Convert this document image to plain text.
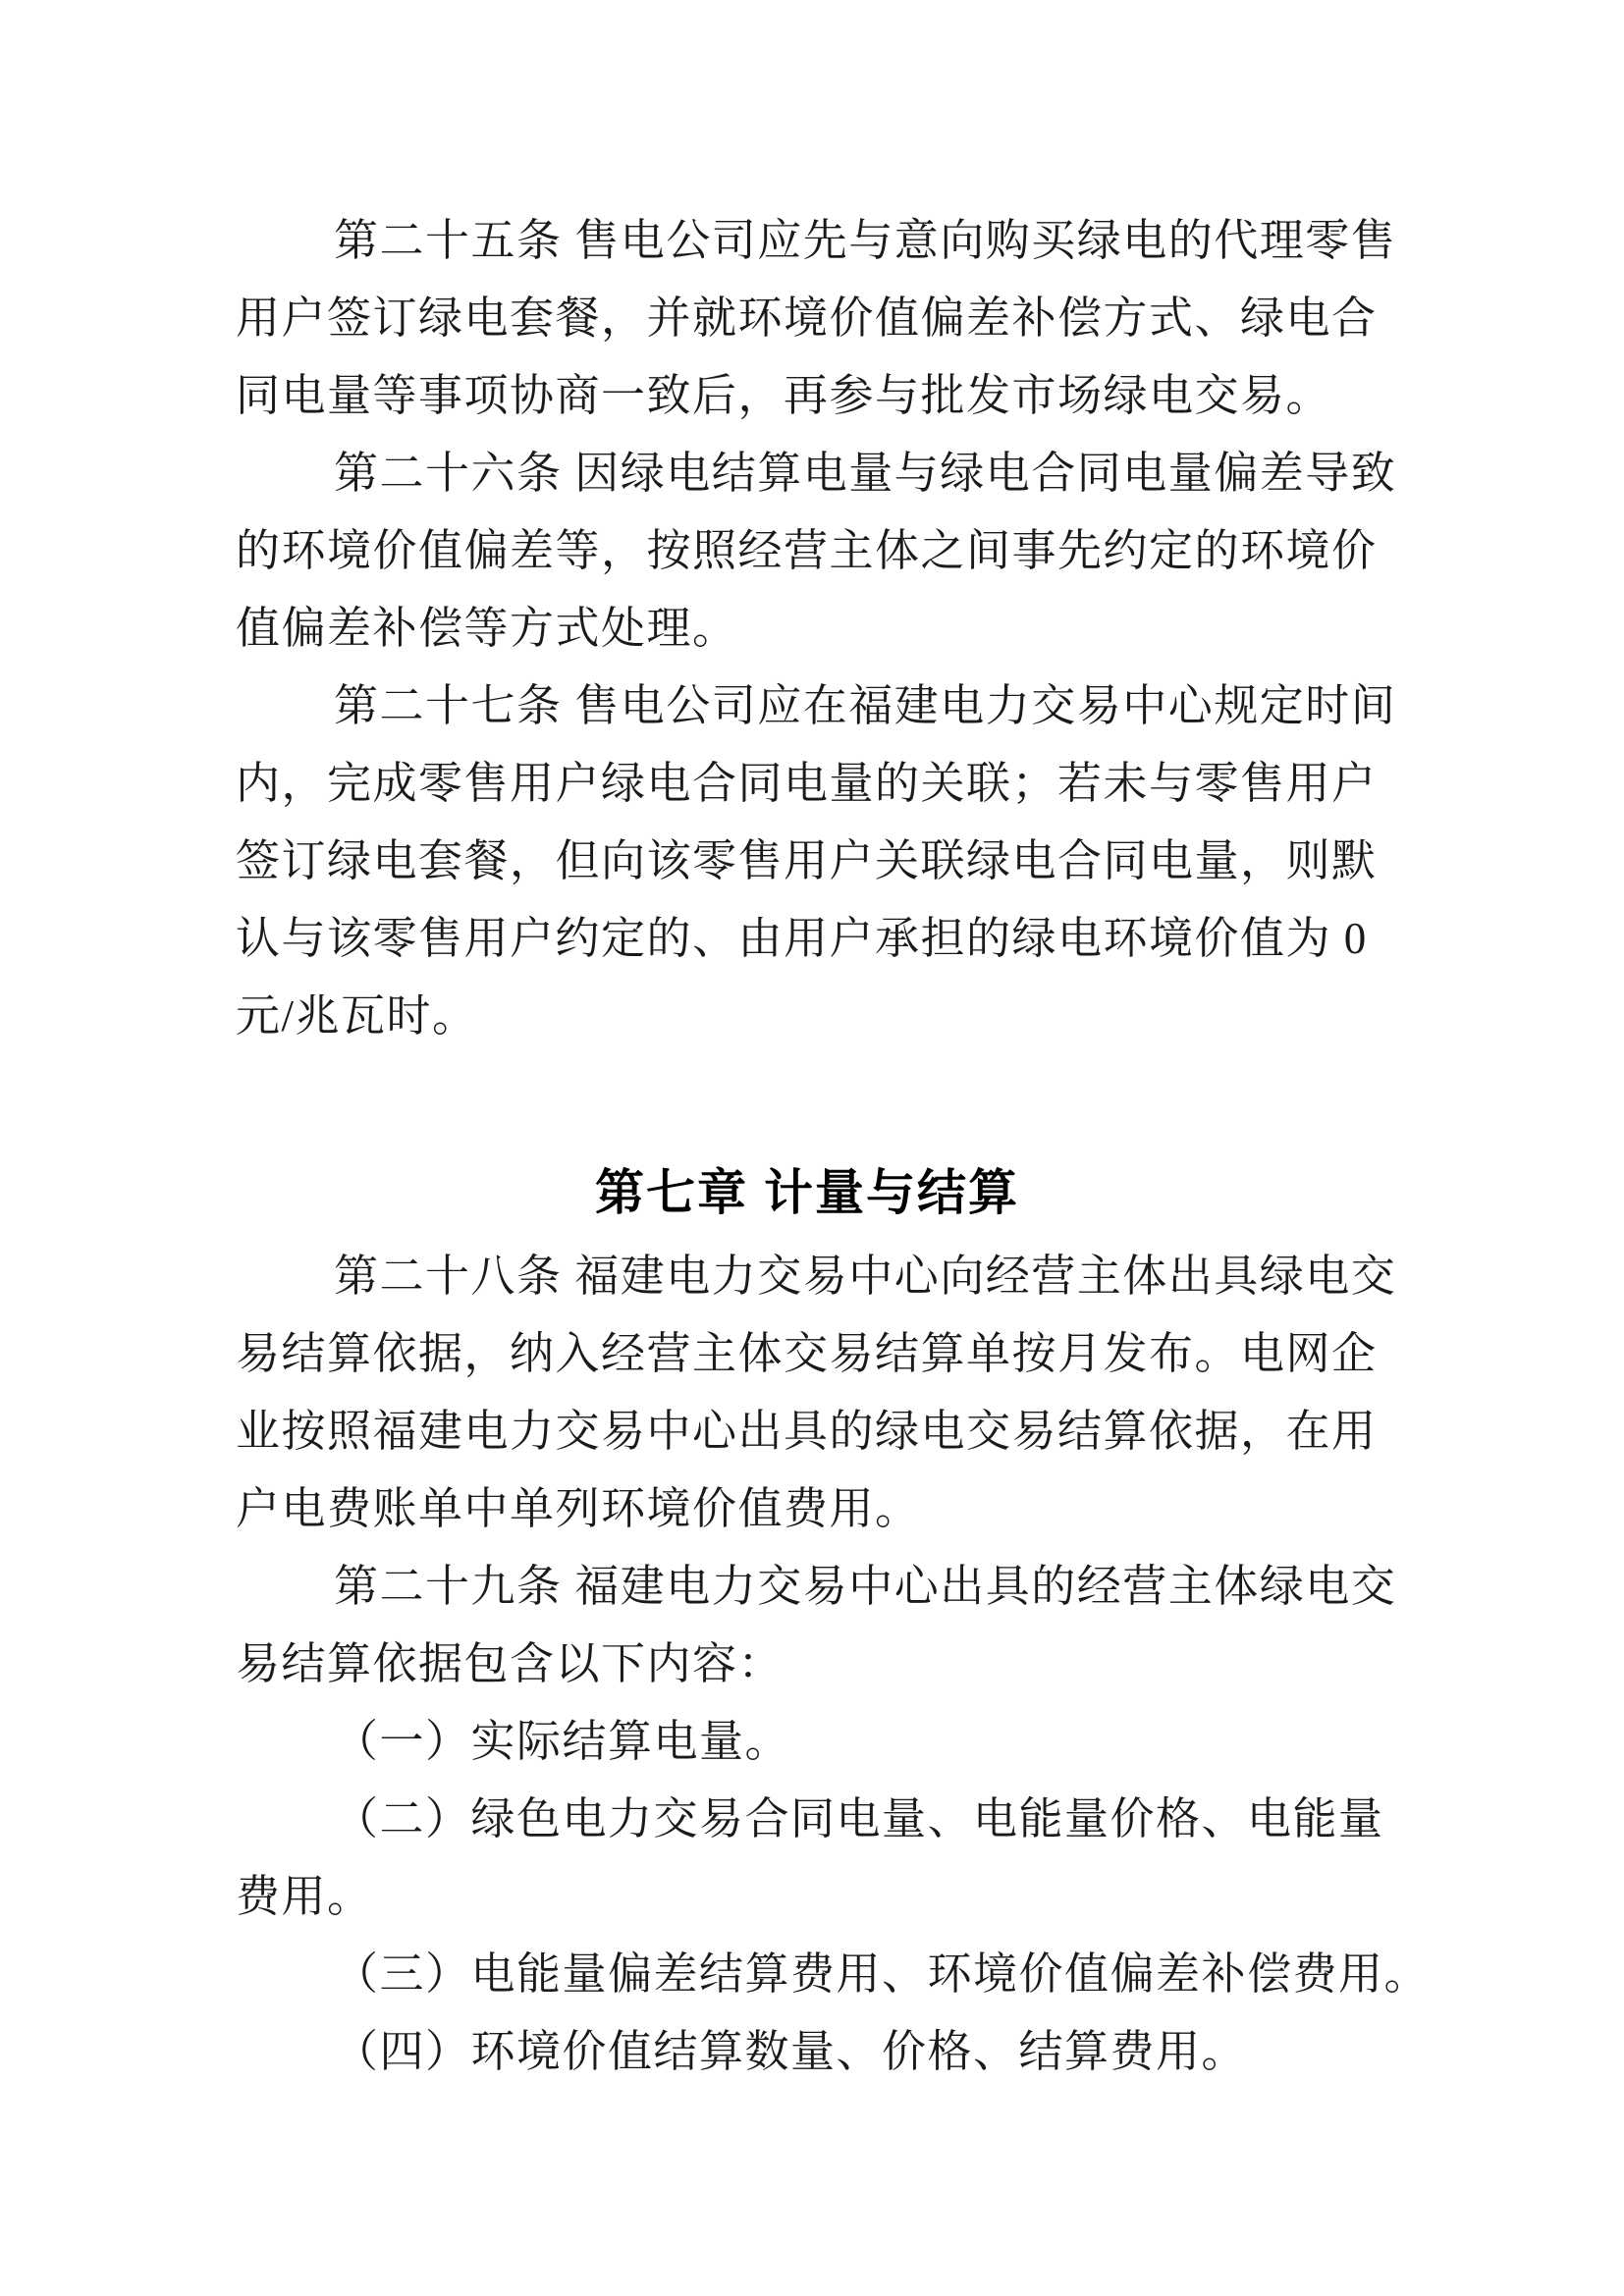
第二十五条 售电公司应先与意向购买绿电的代理零售
用户签订绿电套餐，并就环境价值偏差补偿方式、绿电合
同电量等事项协商一致后，再参与批发市场绿电交易。
第二十六条 因绿电结算电量与绿电合同电量偏差导致
的环境价值偏差等，按照经营主体之间事先约定的环境价
值偏差补偿等方式处理。
第二十七条 售电公司应在福建电力交易中心规定时间
内，完成零售用户绿电合同电量的关联；若未与零售用户
签订绿电套餐，但向该零售用户关联绿电合同电量，则默
认与该零售用户约定的、由用户承担的绿电环境价值为 0
元/兆瓦时。
第七章 计量与结算
第二十八条 福建电力交易中心向经营主体出具绿电交
易结算依据，纳入经营主体交易结算单按月发布。电网企
业按照福建电力交易中心出具的绿电交易结算依据，在用
户电费账单中单列环境价值费用。
第二十九条 福建电力交易中心出具的经营主体绿电交
易结算依据包含以下内容：
（一）实际结算电量。
（二）绿色电力交易合同电量、电能量价格、电能量
费用。
（三）电能量偏差结算费用、环境价值偏差补偿费用。
（四）环境价值结算数量、价格、结算费用。
